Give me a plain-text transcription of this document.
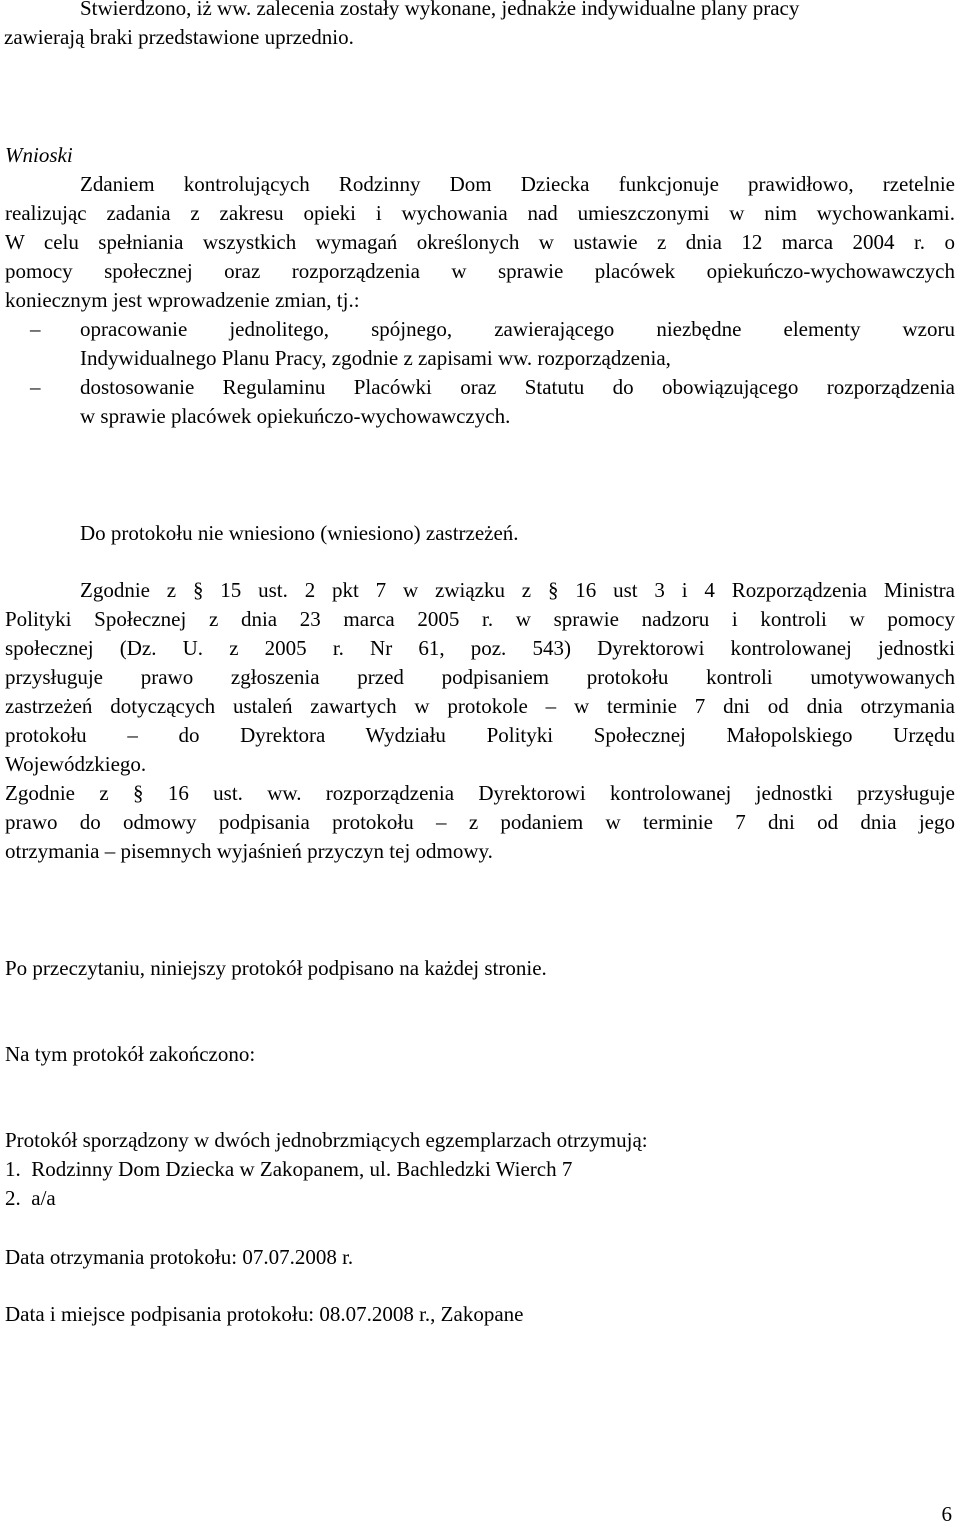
Stwierdzono, iż ww. zalecenia zostały wykonane, jednakże indywidualne plany pracy
zawierają braki przedstawione uprzednio.
Wnioski
Zdaniem kontrolujących Rodzinny Dom Dziecka funkcjonuje prawidłowo, rzetelnie
realizując zadania z zakresu opieki i wychowania nad umieszczonymi w nim wychowankami.
W celu spełniania wszystkich wymagań określonych w ustawie z dnia 12 marca 2004 r. o
pomocy społecznej oraz rozporządzenia w sprawie placówek opiekuńczo-wychowawczych
koniecznym jest wprowadzenie zmian, tj.:
– opracowanie jednolitego, spójnego, zawierającego niezbędne elementy wzoru
Indywidualnego Planu Pracy, zgodnie z zapisami ww. rozporządzenia,
– dostosowanie Regulaminu Placówki oraz Statutu do obowiązującego rozporządzenia
w sprawie placówek opiekuńczo-wychowawczych.
Do protokołu nie wniesiono (wniesiono) zastrzeżeń.
Zgodnie z § 15 ust. 2 pkt 7 w związku z § 16 ust 3 i 4 Rozporządzenia Ministra
Polityki Społecznej z dnia 23 marca 2005 r. w sprawie nadzoru i kontroli w pomocy
społecznej (Dz. U. z 2005 r. Nr 61, poz. 543) Dyrektorowi kontrolowanej jednostki
przysługuje prawo zgłoszenia przed podpisaniem protokołu kontroli umotywowanych
zastrzeżeń dotyczących ustaleń zawartych w protokole – w terminie 7 dni od dnia otrzymania
protokołu – do Dyrektora Wydziału Polityki Społecznej Małopolskiego Urzędu
Wojewódzkiego.
Zgodnie z § 16 ust. ww. rozporządzenia Dyrektorowi kontrolowanej jednostki przysługuje
prawo do odmowy podpisania protokołu – z podaniem w terminie 7 dni od dnia jego
otrzymania – pisemnych wyjaśnień przyczyn tej odmowy.
Po przeczytaniu, niniejszy protokół podpisano na każdej stronie.
Na tym protokół zakończono:
Protokół sporządzony w dwóch jednobrzmiących egzemplarzach otrzymują:
1.  Rodzinny Dom Dziecka w Zakopanem, ul. Bachledzki Wierch 7
2.  a/a
Data otrzymania protokołu: 07.07.2008 r.
Data i miejsce podpisania protokołu: 08.07.2008 r., Zakopane
6
